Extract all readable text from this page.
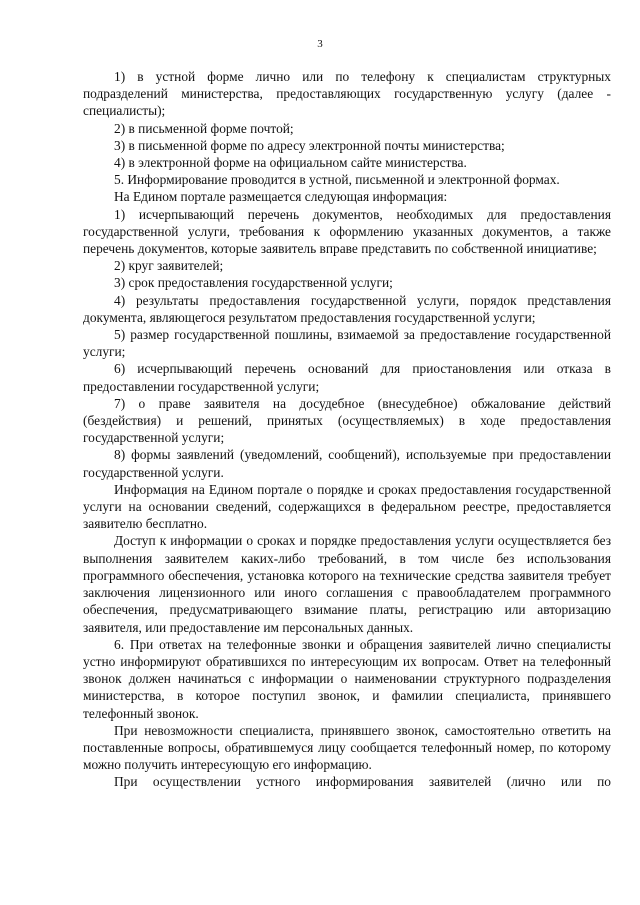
3

1) в устной форме лично или по телефону к специалистам структурных подразделений министерства, предоставляющих государственную услугу (далее - специалисты);

2) в письменной форме почтой;

3) в письменной форме по адресу электронной почты министерства;

4) в электронной форме на официальном сайте министерства.

5. Информирование проводится в устной, письменной и электронной формах.

На Едином портале размещается следующая информация:

1) исчерпывающий перечень документов, необходимых для предоставления государственной услуги, требования к оформлению указанных документов, а также перечень документов, которые заявитель вправе представить по собственной инициативе;

2) круг заявителей;

3) срок предоставления государственной услуги;

4) результаты предоставления государственной услуги, порядок представления документа, являющегося результатом предоставления государственной услуги;

5) размер государственной пошлины, взимаемой за предоставление государственной услуги;

6) исчерпывающий перечень оснований для приостановления или отказа в предоставлении государственной услуги;

7) о праве заявителя на досудебное (внесудебное) обжалование действий (бездействия) и решений, принятых (осуществляемых) в ходе предоставления государственной услуги;

8) формы заявлений (уведомлений, сообщений), используемые при предоставлении государственной услуги.

Информация на Едином портале о порядке и сроках предоставления государственной услуги на основании сведений, содержащихся в федеральном реестре, предоставляется заявителю бесплатно.

Доступ к информации о сроках и порядке предоставления услуги осуществляется без выполнения заявителем каких-либо требований, в том числе без использования программного обеспечения, установка которого на технические средства заявителя требует заключения лицензионного или иного соглашения с правообладателем программного обеспечения, предусматривающего взимание платы, регистрацию или авторизацию заявителя, или предоставление им персональных данных.

6. При ответах на телефонные звонки и обращения заявителей лично специалисты устно информируют обратившихся по интересующим их вопросам. Ответ на телефонный звонок должен начинаться с информации о наименовании структурного подразделения министерства, в которое поступил звонок, и фамилии специалиста, принявшего телефонный звонок.

При невозможности специалиста, принявшего звонок, самостоятельно ответить на поставленные вопросы, обратившемуся лицу сообщается телефонный номер, по которому можно получить интересующую его информацию.

При осуществлении устного информирования заявителей (лично или по
